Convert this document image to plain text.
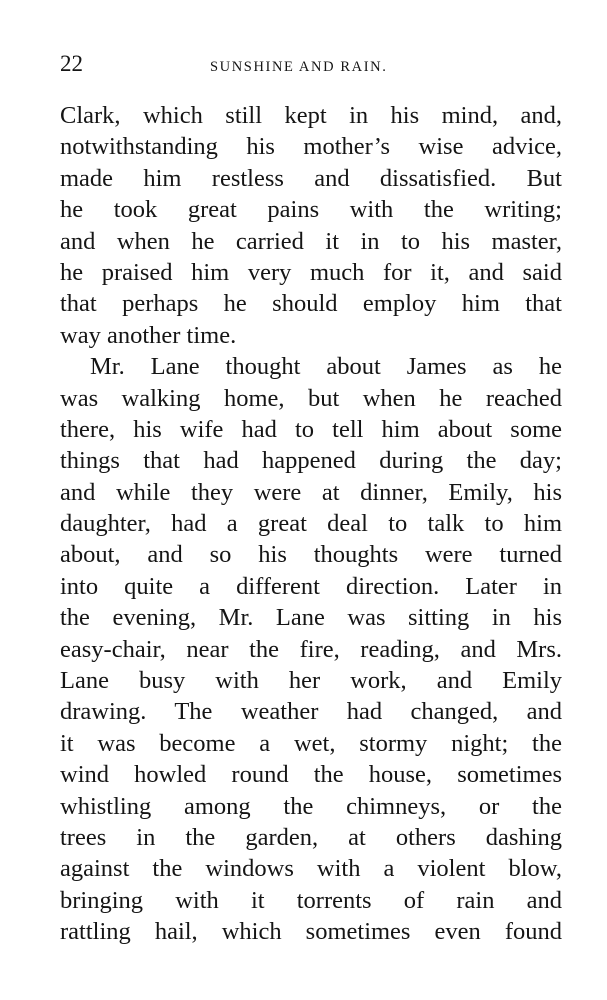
22	SUNSHINE AND RAIN.
Clark, which still kept in his mind, and,
notwithstanding his mother’s wise advice,
made him restless and dissatisfied. But
he took great pains with the writing;
and when he carried it in to his master,
he praised him very much for it, and said
that perhaps he should employ him that
way another time.
Mr. Lane thought about James as he
was walking home, but when he reached
there, his wife had to tell him about some
things that had happened during the day;
and while they were at dinner, Emily, his
daughter, had a great deal to talk to him
about, and so his thoughts were turned
into quite a different direction. Later in
the evening, Mr. Lane was sitting in his
easy-chair, near the fire, reading, and Mrs.
Lane busy with her work, and Emily
drawing. The weather had changed, and
it was become a wet, stormy night; the
wind howled round the house, sometimes
whistling among the chimneys, or the
trees in the garden, at others dashing
against the windows with a violent blow,
bringing with it torrents of rain and
rattling hail, which sometimes even found
